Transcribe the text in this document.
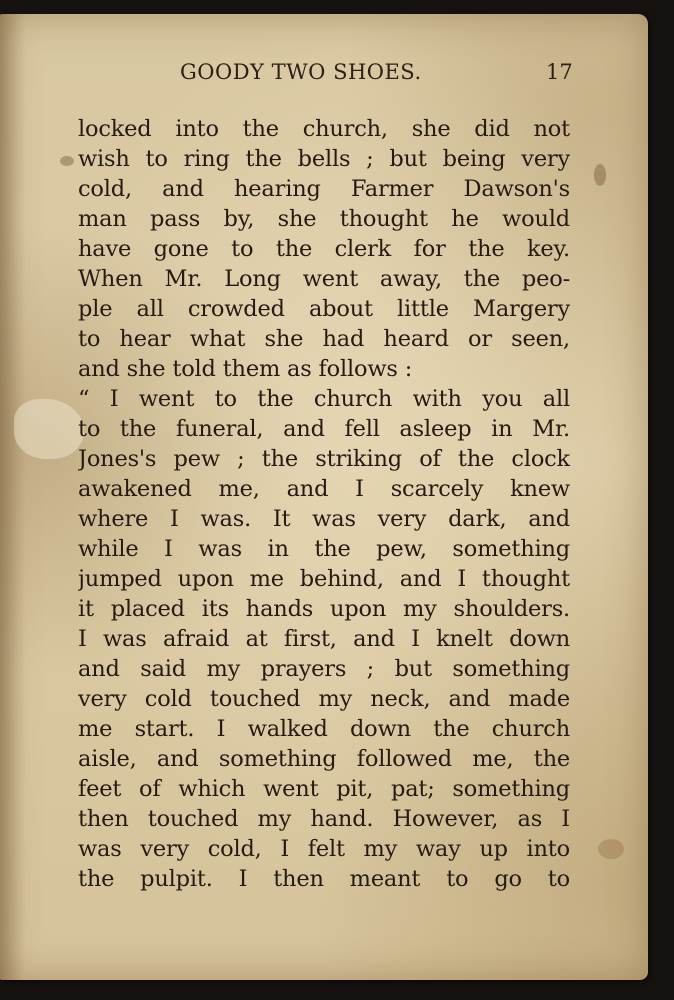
GOODY TWO SHOES.	17
locked into the church, she did not
wish to ring the bells ; but being very
cold, and hearing Farmer Dawson's
man pass by, she thought he would
have gone to the clerk for the key.
When Mr. Long went away, the peo-
ple all crowded about little Margery
to hear what she had heard or seen,
and she told them as follows :
“ I went to the church with you all
to the funeral, and fell asleep in Mr.
Jones's pew ; the striking of the clock
awakened me, and I scarcely knew
where I was. It was very dark, and
while I was in the pew, something
jumped upon me behind, and I thought
it placed its hands upon my shoulders.
I was afraid at first, and I knelt down
and said my prayers ; but something
very cold touched my neck, and made
me start. I walked down the church
aisle, and something followed me, the
feet of which went pit, pat; something
then touched my hand. However, as I
was very cold, I felt my way up into
the pulpit. I then meant to go to
